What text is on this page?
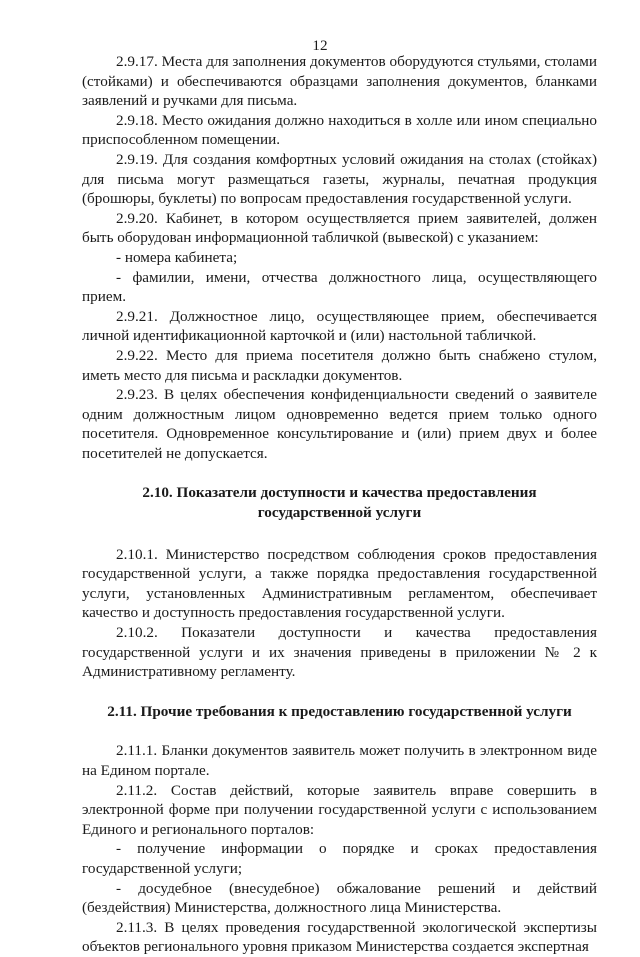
12

2.9.17. Места для заполнения документов оборудуются стульями, столами (стойками) и обеспечиваются образцами заполнения документов, бланками заявлений и ручками для письма.

2.9.18. Место ожидания должно находиться в холле или ином специально приспособленном помещении.

2.9.19. Для создания комфортных условий ожидания на столах (стойках) для письма могут размещаться газеты, журналы, печатная продукция (брошюры, буклеты) по вопросам предоставления государственной услуги.

2.9.20. Кабинет, в котором осуществляется прием заявителей, должен быть оборудован информационной табличкой (вывеской) с указанием:

- номера кабинета;

- фамилии, имени, отчества должностного лица, осуществляющего прием.

2.9.21. Должностное лицо, осуществляющее прием, обеспечивается личной идентификационной карточкой и (или) настольной табличкой.

2.9.22. Место для приема посетителя должно быть снабжено стулом, иметь место для письма и раскладки документов.

2.9.23. В целях обеспечения конфиденциальности сведений о заявителе одним должностным лицом одновременно ведется прием только одного посетителя. Одновременное консультирование и (или) прием двух и более посетителей не допускается.

2.10. Показатели доступности и качества предоставления
государственной услуги

2.10.1. Министерство посредством соблюдения сроков предоставления государственной услуги, а также порядка предоставления государственной услуги, установленных Административным регламентом, обеспечивает качество и доступность предоставления государственной услуги.

2.10.2. Показатели доступности и качества предоставления государственной услуги и их значения приведены в приложении № 2 к Административному регламенту.

2.11. Прочие требования к предоставлению государственной услуги

2.11.1. Бланки документов заявитель может получить в электронном виде на Едином портале.

2.11.2. Состав действий, которые заявитель вправе совершить в электронной форме при получении государственной услуги с использованием Единого и регионального порталов:

- получение информации о порядке и сроках предоставления государственной услуги;

- досудебное (внесудебное) обжалование решений и действий (бездействия) Министерства, должностного лица Министерства.

2.11.3. В целях проведения государственной экологической экспертизы объектов регионального уровня приказом Министерства создается экспертная
